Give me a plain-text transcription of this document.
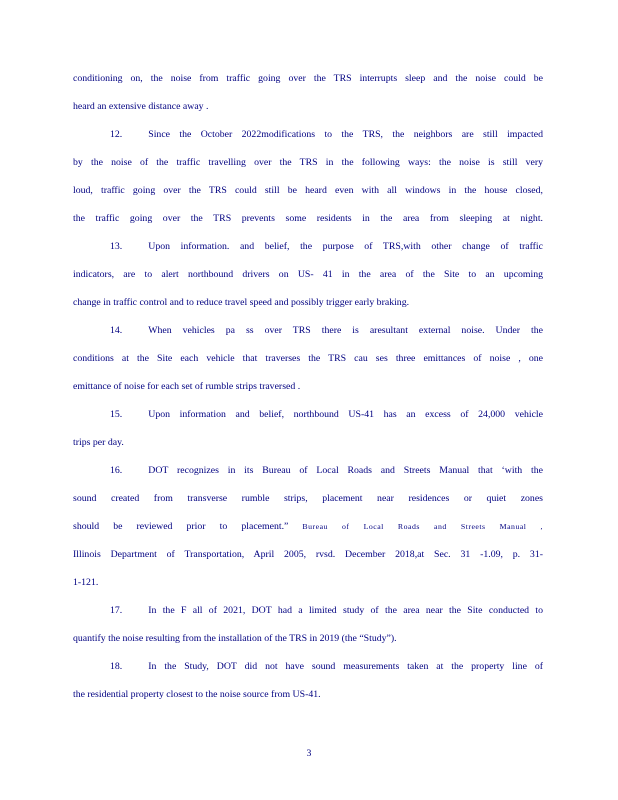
conditioning on, the noise from traffic going over the TRS interrupts sleep and the noise could be
heard an extensive distance away .
12.	Since the October 2022modifications to the TRS, the neighbors are still impacted
by the noise of the traffic travelling over the TRS in the following ways: the noise is still very
loud, traffic going over the TRS could still be heard even with all windows in the house closed,
the traffic going over the TRS prevents some residents in the area from sleeping at night.
13.	Upon information. and belief, the purpose of TRS,with other change of traffic
indicators, are to alert northbound drivers on US- 41 in the area of the Site to an upcoming
change in traffic control and to reduce travel speed and possibly trigger early braking.
14.	When vehicles pa ss over TRS there is aresultant external noise. Under the
conditions at the Site each vehicle that traverses the TRS cau ses three emittances of noise , one
emittance of noise for each set of rumble strips traversed .
15.	Upon information and belief, northbound US-41 has an excess of 24,000 vehicle
trips per day.
16.	DOT recognizes in its Bureau of Local Roads and Streets Manual that ‘with the
sound created from transverse rumble strips, placement near residences or quiet zones
should be reviewed prior to placement.” Bureau of Local Roads and Streets Manual ,
Illinois Department of Transportation, April 2005, rvsd. December 2018,at Sec. 31 -1.09, p. 31-
1-121.
17.	In the F all of 2021, DOT had a limited study of the area near the Site conducted to
quantify the noise resulting from the installation of the TRS in 2019 (the “Study”).
18.	In the Study, DOT did not have sound measurements taken at the property line of
the residential property closest to the noise source from US-41.
3
